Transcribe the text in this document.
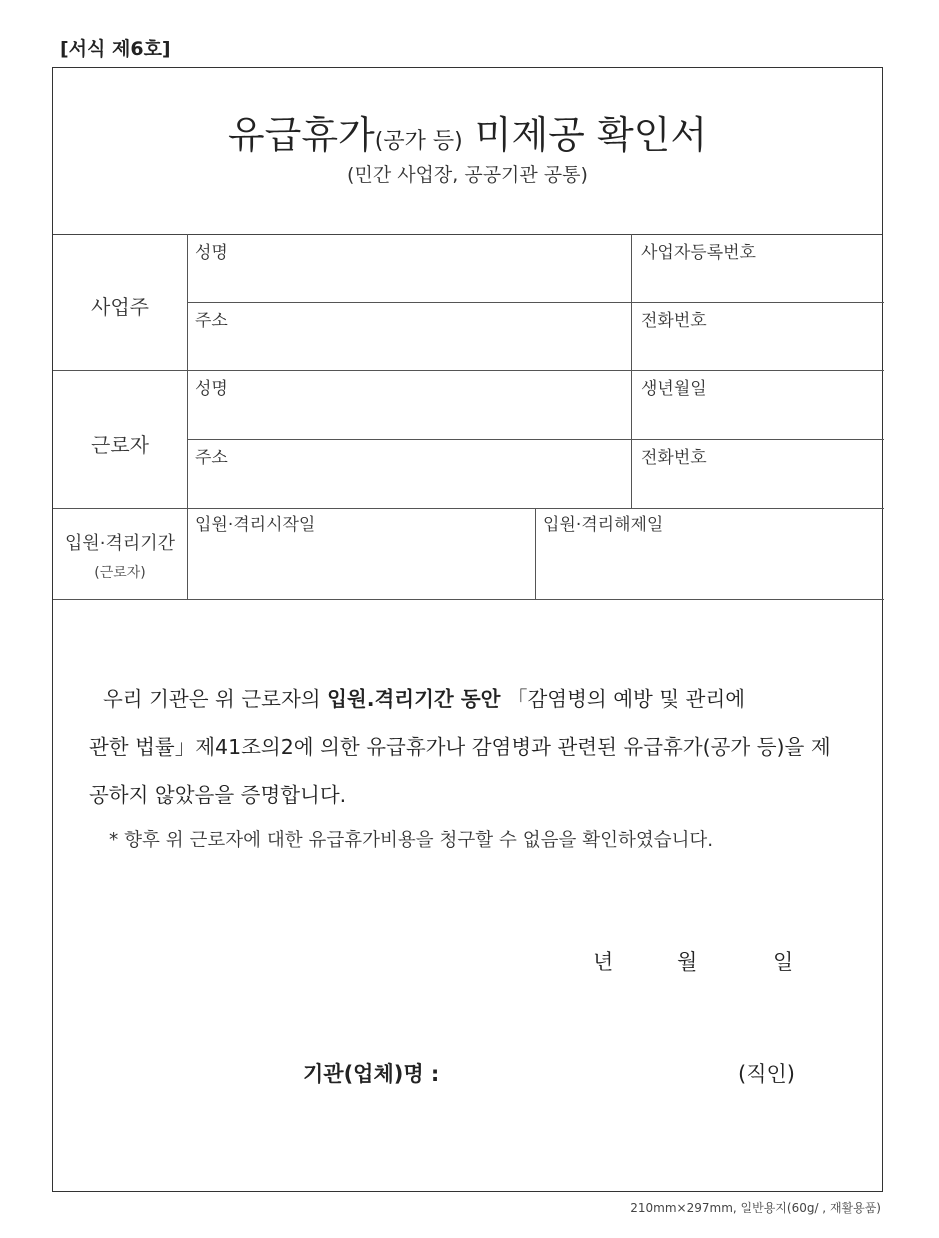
[서식 제6호]
유급휴가(공가 등) 미제공 확인서
(민간 사업장, 공공기관 공통)
사업주
성명	사업자등록번호
주소	전화번호
근로자
성명	생년월일
주소	전화번호
입원·격리기간
(근로자)
입원·격리시작일	입원·격리해제일

우리 기관은 위 근로자의 입원.격리기간 동안 「감염병의 예방 및 관리에

관한 법률」제41조의2에 의한 유급휴가나 감염병과 관련된 유급휴가(공가 등)을 제

공하지 않았음을 증명합니다.

* 향후 위 근로자에 대한 유급휴가비용을 청구할 수 없음을 확인하였습니다.
년	월	일
기관(업체)명 :	(직인)
210mm×297mm, 일반용지(60g/ , 재활용품)
